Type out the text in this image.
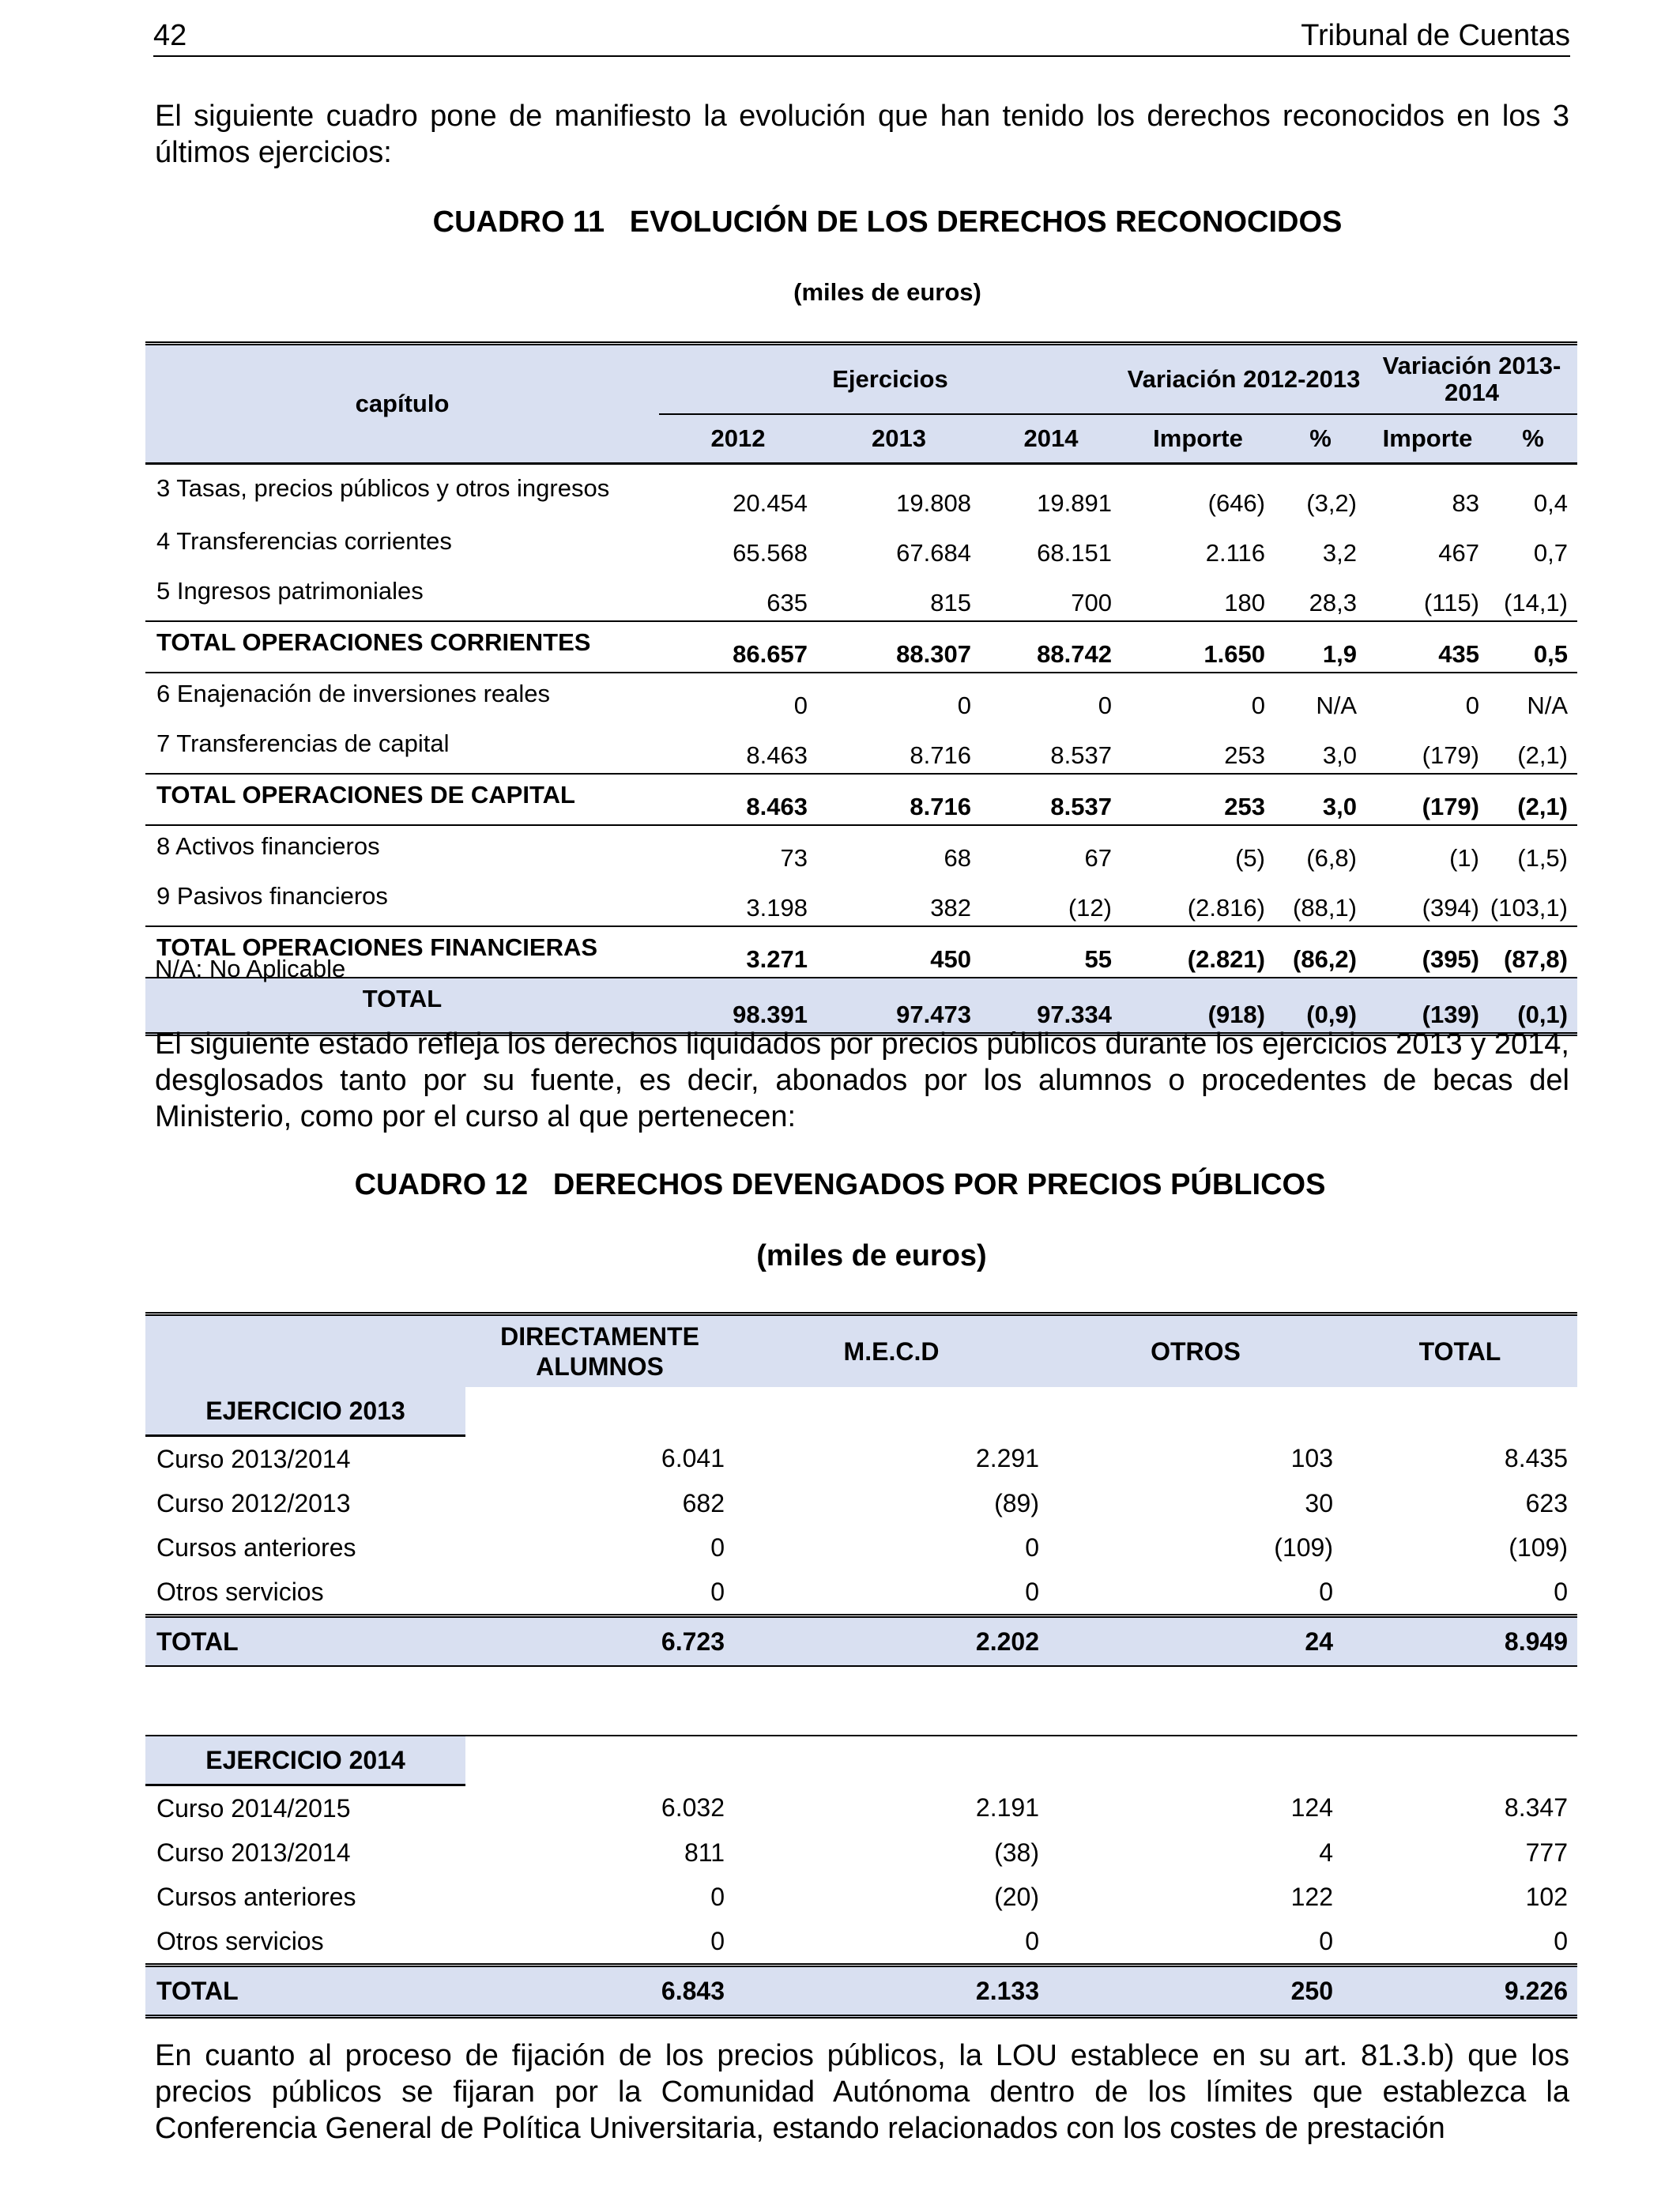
42	Tribunal de Cuentas
El siguiente cuadro pone de manifiesto la evolución que han tenido los derechos reconocidos en los 3 últimos ejercicios:
CUADRO 11   EVOLUCIÓN DE LOS DERECHOS RECONOCIDOS
(miles de euros)
capítulo	Ejercicios			Variación 2012-2013		Variación 2013-2014	
	2012	2013	2014	Importe	%	Importe	%
3 Tasas, precios públicos y otros ingresos	20.454	19.808	19.891	(646)	(3,2)	83	0,4
4 Transferencias corrientes	65.568	67.684	68.151	2.116	3,2	467	0,7
5 Ingresos patrimoniales	635	815	700	180	28,3	(115)	(14,1)
TOTAL OPERACIONES CORRIENTES	86.657	88.307	88.742	1.650	1,9	435	0,5
6 Enajenación de inversiones reales	0	0	0	0	N/A	0	N/A
7 Transferencias de capital	8.463	8.716	8.537	253	3,0	(179)	(2,1)
TOTAL OPERACIONES DE CAPITAL	8.463	8.716	8.537	253	3,0	(179)	(2,1)
8 Activos financieros	73	68	67	(5)	(6,8)	(1)	(1,5)
9 Pasivos financieros	3.198	382	(12)	(2.816)	(88,1)	(394)	(103,1)
TOTAL OPERACIONES FINANCIERAS	3.271	450	55	(2.821)	(86,2)	(395)	(87,8)
TOTAL	98.391	97.473	97.334	(918)	(0,9)	(139)	(0,1)
N/A: No Aplicable
El siguiente estado refleja los derechos liquidados por precios públicos durante los ejercicios 2013 y 2014, desglosados tanto por su fuente, es decir, abonados por los alumnos o procedentes de becas del Ministerio, como por el curso al que pertenecen:
CUADRO 12   DERECHOS DEVENGADOS POR PRECIOS PÚBLICOS
(miles de euros)
	DIRECTAMENTE ALUMNOS	M.E.C.D	OTROS	TOTAL
EJERCICIO 2013				
Curso 2013/2014	6.041	2.291	103	8.435
Curso 2012/2013	682	(89)	30	623
Cursos anteriores	0	0	(109)	(109)
Otros servicios	0	0	0	0
TOTAL	6.723	2.202	24	8.949

EJERCICIO 2014				
Curso 2014/2015	6.032	2.191	124	8.347
Curso 2013/2014	811	(38)	4	777
Cursos anteriores	0	(20)	122	102
Otros servicios	0	0	0	0
TOTAL	6.843	2.133	250	9.226
En cuanto al proceso de fijación de los precios públicos, la LOU establece en su art. 81.3.b) que los precios públicos se fijaran por la Comunidad Autónoma dentro de los límites que establezca la Conferencia General de Política Universitaria, estando relacionados con los costes de prestación
